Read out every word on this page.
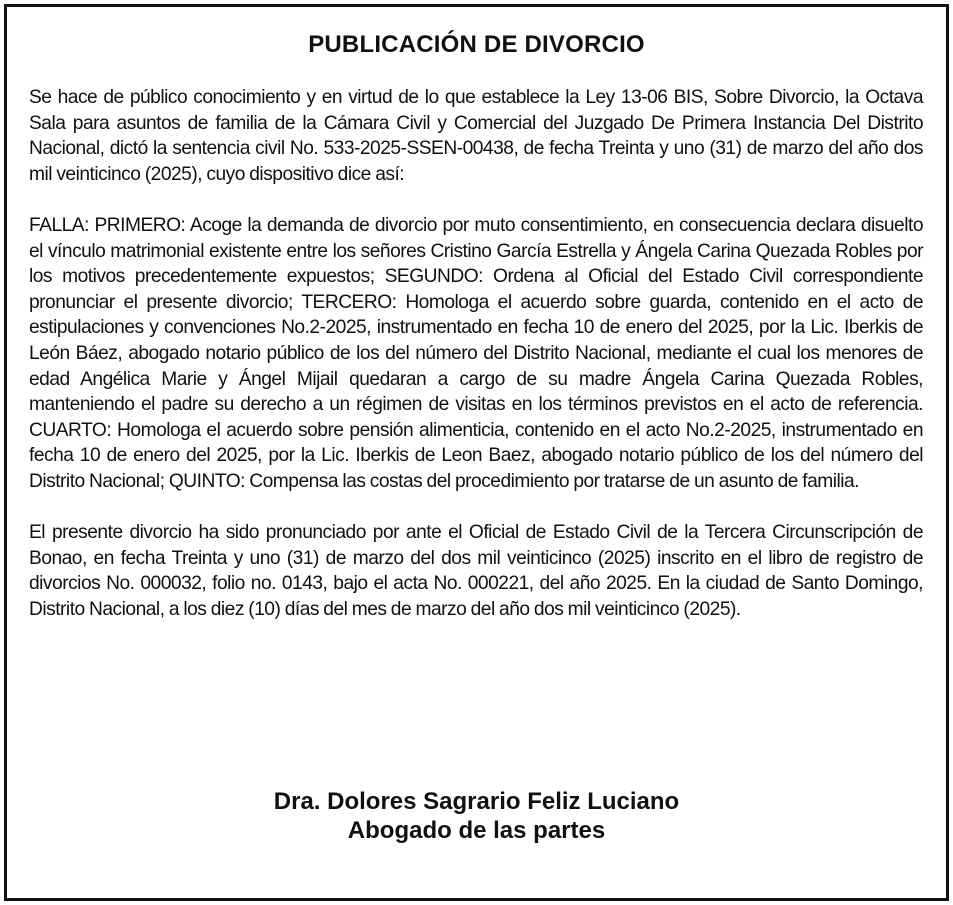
PUBLICACIÓN DE DIVORCIO

Se hace de público conocimiento y en virtud de lo que establece la Ley 13-06 BIS, Sobre Divorcio, la Octava Sala para asuntos de familia de la Cámara Civil y Comercial del Juzgado De Primera Instancia Del Distrito Nacional, dictó la sentencia civil No. 533-2025-SSEN-00438, de fecha Treinta y uno (31) de marzo del año dos mil veinticinco (2025), cuyo dispositivo dice así:

FALLA: PRIMERO: Acoge la demanda de divorcio por muto consentimiento, en consecuencia declara disuelto el vínculo matrimonial existente entre los señores Cristino García Estrella y Ángela Carina Quezada Robles por los motivos precedentemente expuestos; SEGUNDO: Ordena al Oficial del Estado Civil correspondiente pronunciar el presente divorcio; TERCERO: Homologa el acuerdo sobre guarda, contenido en el acto de estipulaciones y convenciones No.2-2025, instrumentado en fecha 10 de enero del 2025, por la Lic. Iberkis de León Báez, abogado notario público de los del número del Distrito Nacional, mediante el cual los menores de edad Angélica Marie y Ángel Mijail quedaran a cargo de su madre Ángela Carina Quezada Robles, manteniendo el padre su derecho a un régimen de visitas en los términos previstos en el acto de referencia. CUARTO: Homologa el acuerdo sobre pensión alimenticia, contenido en el acto No.2-2025, instrumentado en fecha 10 de enero del 2025, por la Lic. Iberkis de Leon Baez, abogado notario público de los del número del Distrito Nacional; QUINTO: Compensa las costas del procedimiento por tratarse de un asunto de familia.

El presente divorcio ha sido pronunciado por ante el Oficial de Estado Civil de la Tercera Circunscripción de Bonao, en fecha Treinta y uno (31) de marzo del dos mil veinticinco (2025) inscrito en el libro de registro de divorcios No. 000032, folio no. 0143, bajo el acta No. 000221, del año 2025. En la ciudad de Santo Domingo, Distrito Nacional, a los diez (10) días del mes de marzo del año dos mil veinticinco (2025).

Dra. Dolores Sagrario Feliz Luciano
Abogado de las partes
